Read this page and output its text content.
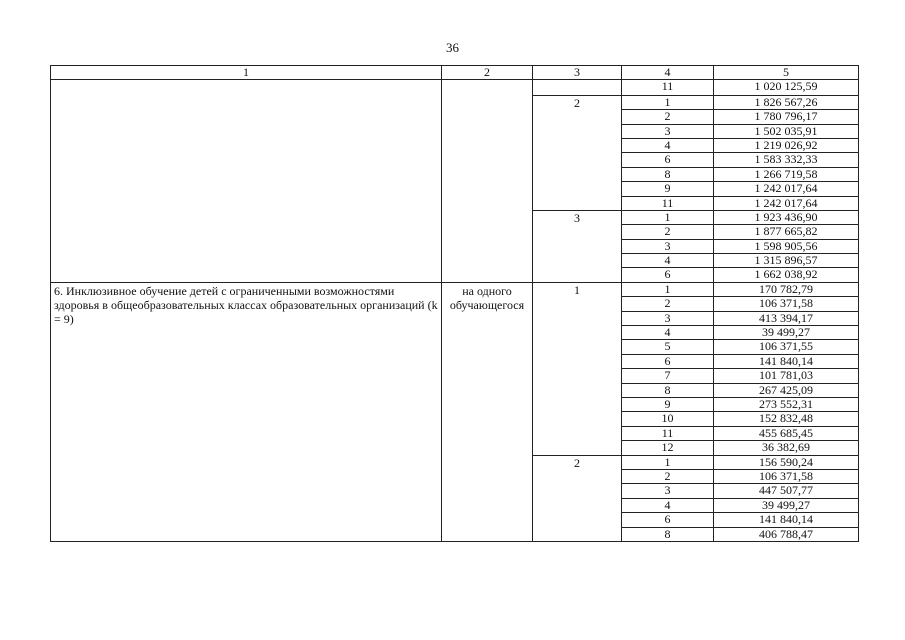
36
1	2	3	4	5
			11	1 020 125,59
		2	1	1 826 567,26
			2	1 780 796,17
			3	1 502 035,91
			4	1 219 026,92
			6	1 583 332,33
			8	1 266 719,58
			9	1 242 017,64
			11	1 242 017,64
		3	1	1 923 436,90
			2	1 877 665,82
			3	1 598 905,56
			4	1 315 896,57
			6	1 662 038,92
6. Инклюзивное обучение детей с ограниченными возможностями здоровья в общеобразовательных классах образовательных организаций (k = 9)	на одного обучающегося	1	1	170 782,79
			2	106 371,58
			3	413 394,17
			4	39 499,27
			5	106 371,55
			6	141 840,14
			7	101 781,03
			8	267 425,09
			9	273 552,31
			10	152 832,48
			11	455 685,45
			12	36 382,69
		2	1	156 590,24
			2	106 371,58
			3	447 507,77
			4	39 499,27
			6	141 840,14
			8	406 788,47
